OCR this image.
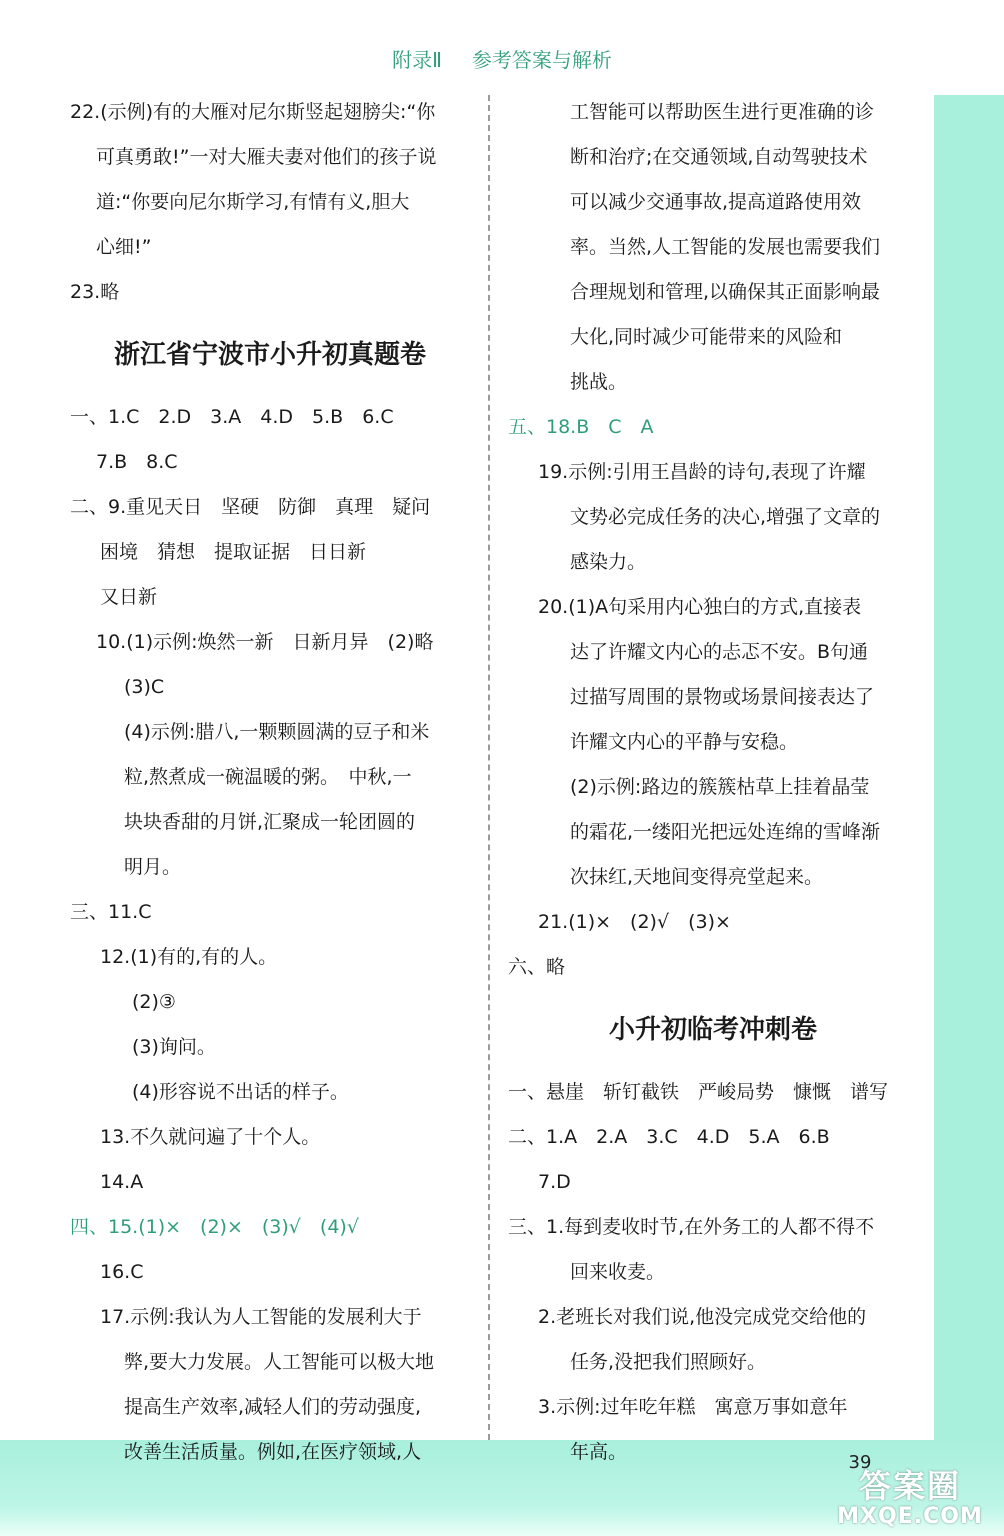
附录Ⅱ 参考答案与解析
22.(示例)有的大雁对尼尔斯竖起翅膀尖:“你
可真勇敢!”一对大雁夫妻对他们的孩子说
道:“你要向尼尔斯学习,有情有义,胆大
心细!”
23.略
浙江省宁波市小升初真题卷
一、1.C　2.D　3.A　4.D　5.B　6.C
7.B　8.C
二、9.重见天日　坚硬　防御　真理　疑问
困境　猜想　提取证据　日日新
又日新
10.(1)示例:焕然一新　日新月异　(2)略
(3)C
(4)示例:腊八,一颗颗圆满的豆子和米
粒,熬煮成一碗温暖的粥。　中秋,一
块块香甜的月饼,汇聚成一轮团圆的
明月。
三、11.C
12.(1)有的,有的人。
(2)③
(3)询问。
(4)形容说不出话的样子。
13.不久就问遍了十个人。
14.A
四、15.(1)×　(2)×　(3)√　(4)√
16.C
17.示例:我认为人工智能的发展利大于
弊,要大力发展。人工智能可以极大地
提高生产效率,减轻人们的劳动强度,
改善生活质量。例如,在医疗领域,人
工智能可以帮助医生进行更准确的诊
断和治疗;在交通领域,自动驾驶技术
可以减少交通事故,提高道路使用效
率。当然,人工智能的发展也需要我们
合理规划和管理,以确保其正面影响最
大化,同时减少可能带来的风险和
挑战。
五、18.B　C　A
19.示例:引用王昌龄的诗句,表现了许耀
文势必完成任务的决心,增强了文章的
感染力。
20.(1)A句采用内心独白的方式,直接表
达了许耀文内心的忐忑不安。B句通
过描写周围的景物或场景间接表达了
许耀文内心的平静与安稳。
(2)示例:路边的簇簇枯草上挂着晶莹
的霜花,一缕阳光把远处连绵的雪峰渐
次抹红,天地间变得亮堂起来。
21.(1)×　(2)√　(3)×
六、略
小升初临考冲刺卷
一、悬崖　斩钉截铁　严峻局势　慷慨　谱写
二、1.A　2.A　3.C　4.D　5.A　6.B
7.D
三、1.每到麦收时节,在外务工的人都不得不
回来收麦。
2.老班长对我们说,他没完成党交给他的
任务,没把我们照顾好。
3.示例:过年吃年糕　寓意万事如意年
年高。	39
答案圈
MXQE.COM
